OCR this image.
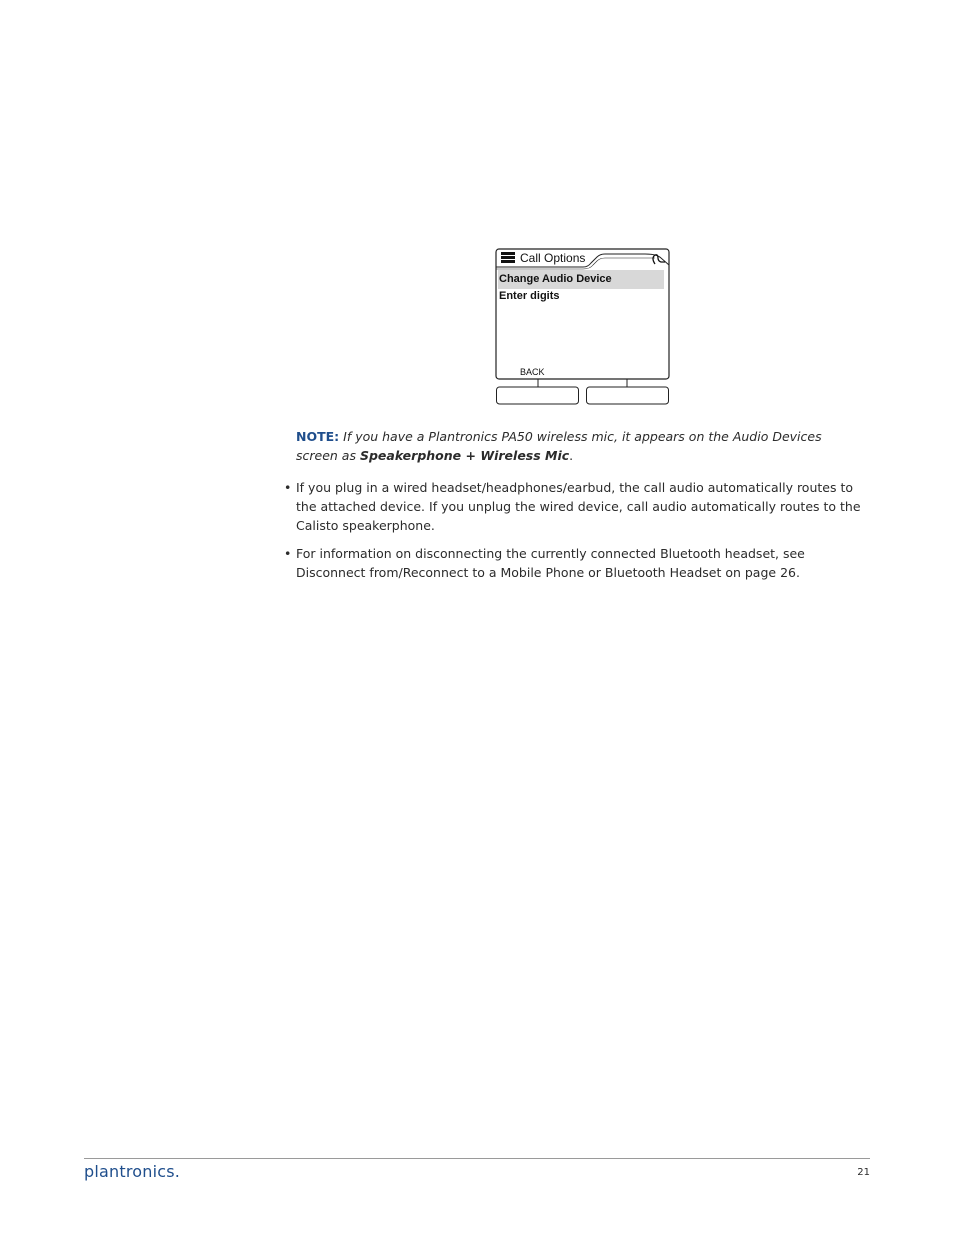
Call Options
Change Audio Device
Enter digits
BACK
NOTE: If you have a Plantronics PA50 wireless mic, it appears on the Audio Devices screen as Speakerphone + Wireless Mic.
• If you plug in a wired headset/headphones/earbud, the call audio automatically routes to the attached device. If you unplug the wired device, call audio automatically routes to the Calisto speakerphone.
• For information on disconnecting the currently connected Bluetooth headset, see Disconnect from/Reconnect to a Mobile Phone or Bluetooth Headset on page 26.
plantronics.	21
